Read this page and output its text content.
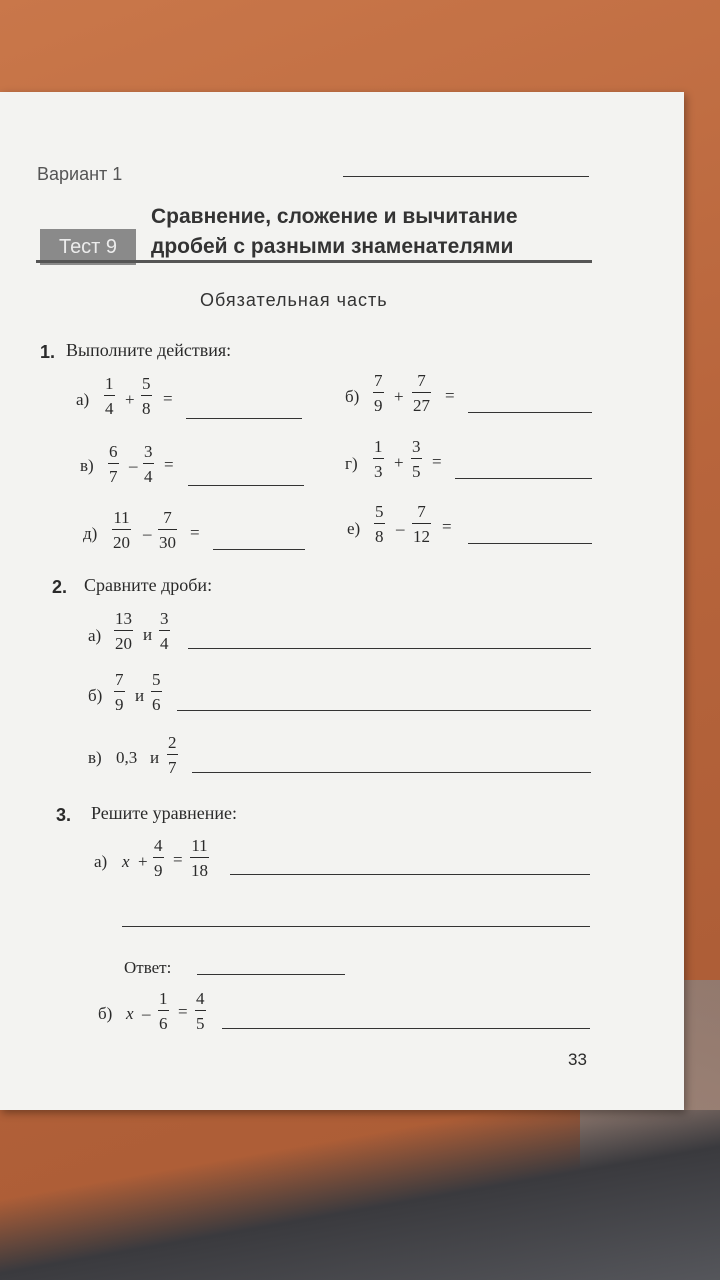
Вариант 1
Тест 9
Сравнение, сложение и вычитание
дробей с разными знаменателями
Обязательная часть
1. Выполните действия:
а)
1
4 +
5
8
=	б)
7
9 +
7
27
=
в)
6
7
–
3
4
=	г)
1
3 +
3
5
=
д)
11
20 –
7
30
=	е)
5
8 –
7
12
=
2. Сравните дроби:
а)
13
20 и
3
4
б)
7
9 и
5
6
в) 0,3 и
2
7
3. Решите уравнение:
а) x +
4
9
=
11
18
Ответ:
б) x –
1
6
=
4
5
33
